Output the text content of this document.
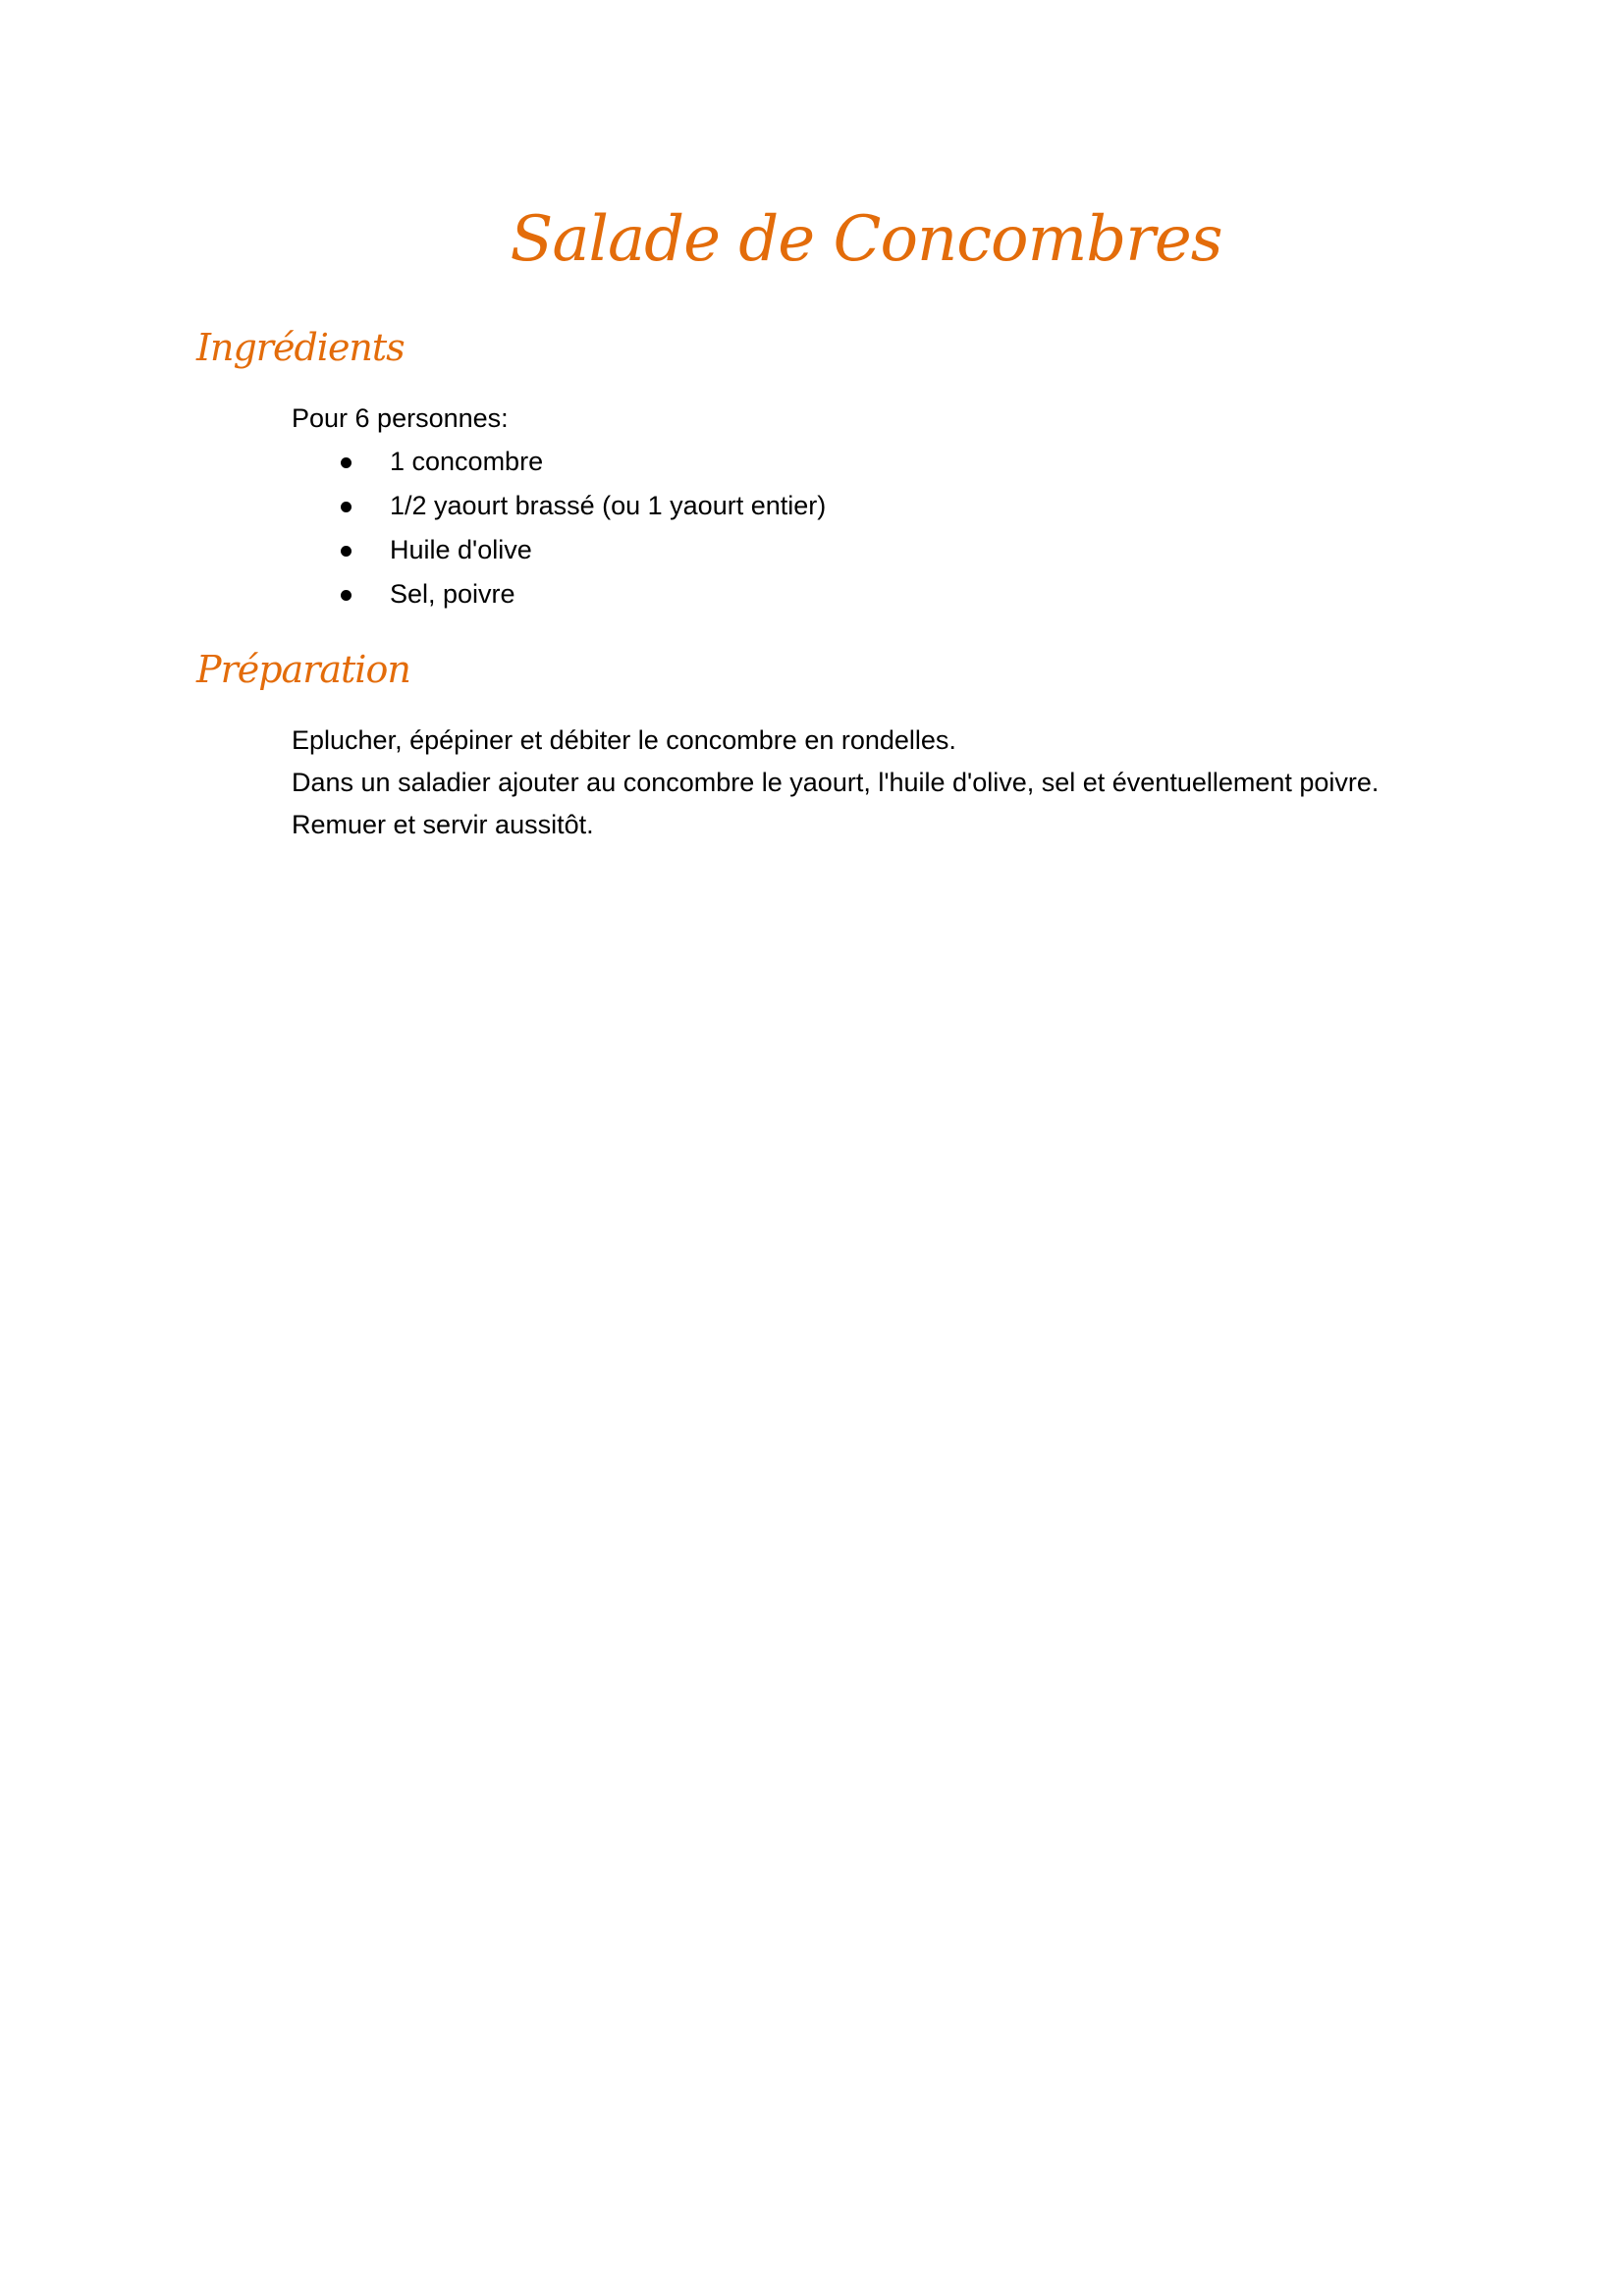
Salade de Concombres
Ingrédients

Pour 6 personnes:

1 concombre
1/2 yaourt brassé (ou 1 yaourt entier)
Huile d'olive
Sel, poivre
Préparation

Eplucher, épépiner et débiter le concombre en rondelles.

Dans un saladier ajouter au concombre le yaourt, l'huile d'olive, sel et éventuellement poivre.

Remuer et servir aussitôt.
